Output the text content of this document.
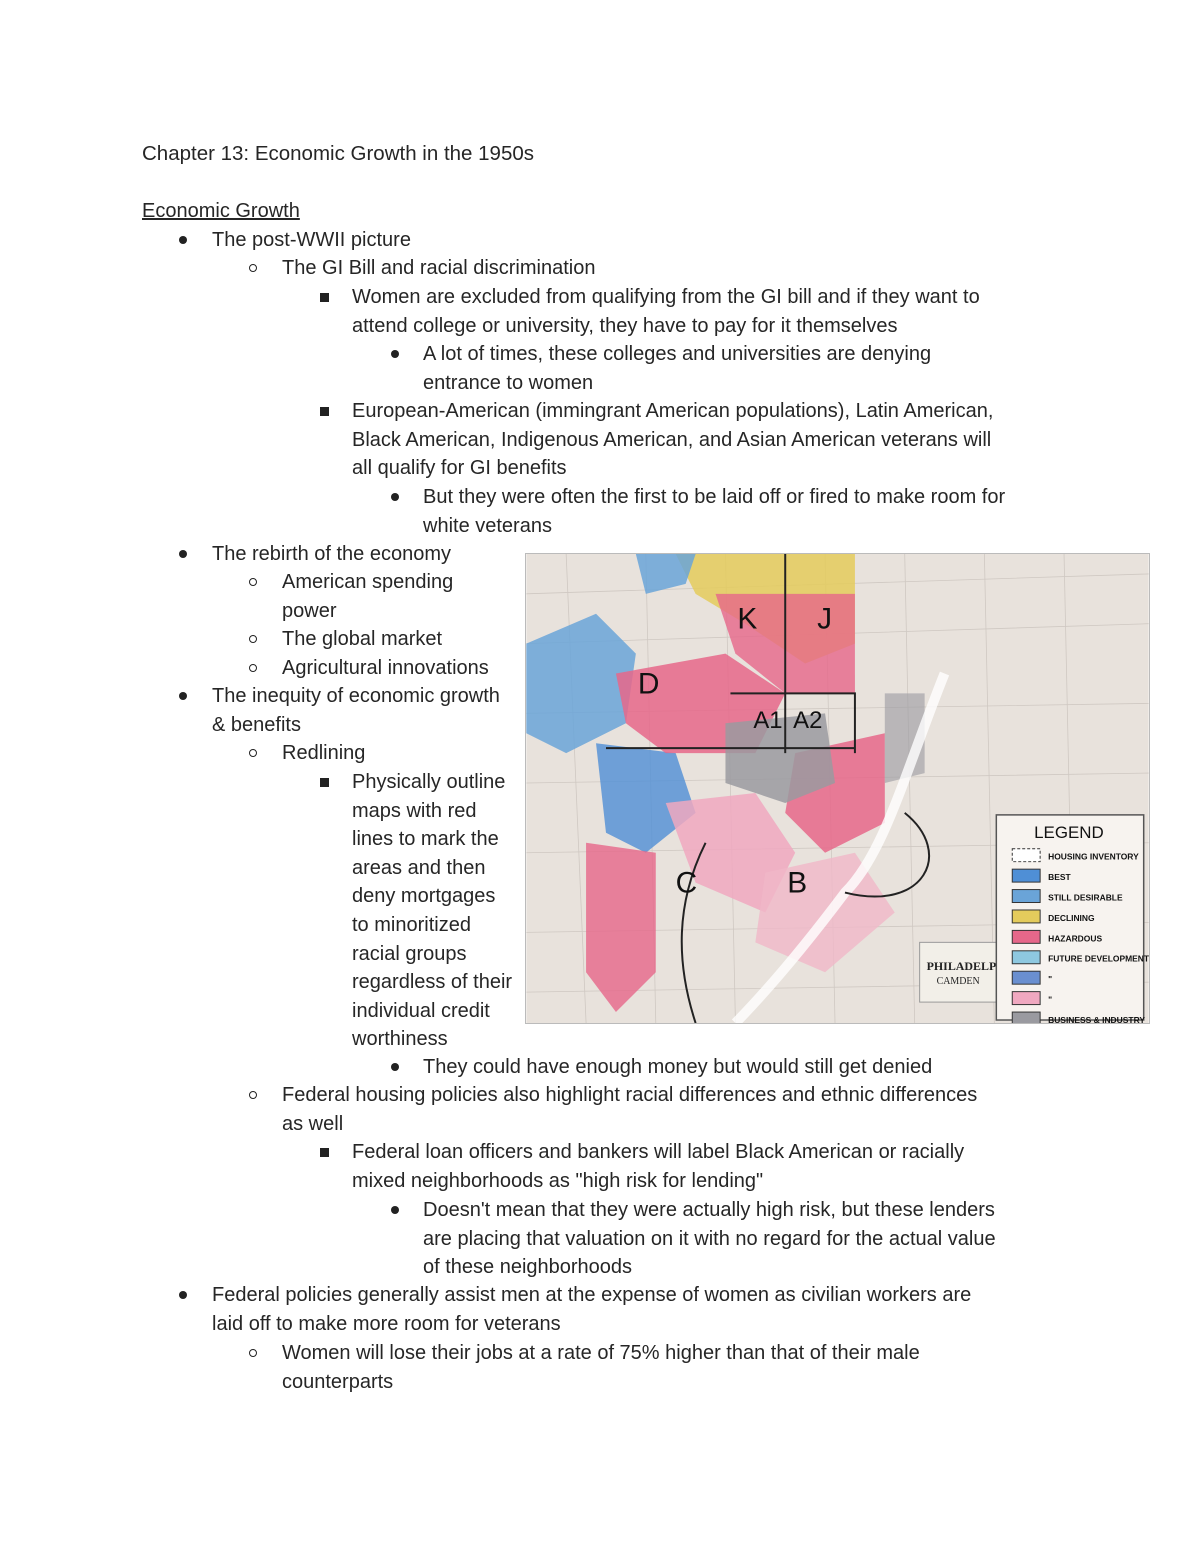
Chapter 13: Economic Growth in the 1950s
Economic Growth
The post-WWII picture
The GI Bill and racial discrimination
Women are excluded from qualifying from the GI bill and if they want to
attend college or university, they have to pay for it themselves
A lot of times, these colleges and universities are denying
entrance to women
European-American (immingrant American populations), Latin American,
Black American, Indigenous American, and Asian American veterans will
all qualify for GI benefits
But they were often the first to be laid off or fired to make room for
white veterans
The rebirth of the economy
American spending
power
The global market
Agricultural innovations
The inequity of economic growth
& benefits
Redlining
Physically outline
maps with red
lines to mark the
areas and then
deny mortgages
to minoritized
racial groups
regardless of their
individual credit
worthiness
They could have enough money but would still get denied
Federal housing policies also highlight racial differences and ethnic differences
as well
Federal loan officers and bankers will label Black American or racially
mixed neighborhoods as "high risk for lending"
Doesn't mean that they were actually high risk, but these lenders
are placing that valuation on it with no regard for the actual value
of these neighborhoods
Federal policies generally assist men at the expense of women as civilian workers are
laid off to make more room for veterans
Women will lose their jobs at a rate of 75% higher than that of their male
counterparts
K J
D
A1 A2
C	B
PHILADELP
CAMDEN
LEGEND
HOUSING INVENTORY
BEST
STILL DESIRABLE
DECLINING
HAZARDOUS
FUTURE DEVELOPMENT
"
"
BUSINESS & INDUSTRY
